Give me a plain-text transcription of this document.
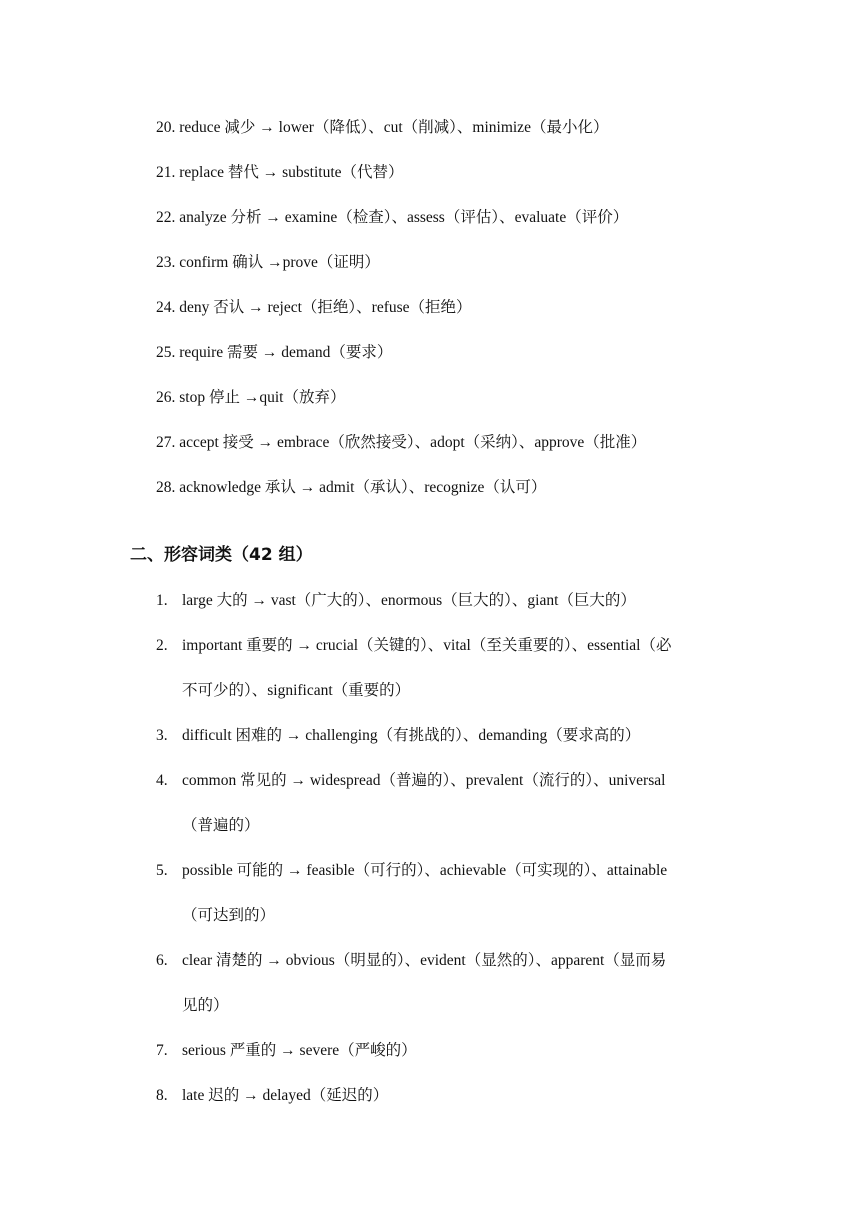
20. reduce 减少 → lower（降低）、cut（削减）、minimize（最小化）
21. replace 替代 → substitute（代替）
22. analyze 分析 → examine（检查）、assess（评估）、evaluate（评价）
23. confirm 确认 →prove（证明）
24. deny 否认 → reject（拒绝）、refuse（拒绝）
25. require 需要 → demand（要求）
26. stop 停止 →quit（放弃）
27. accept 接受 → embrace（欣然接受）、adopt（采纳）、approve（批准）
28. acknowledge 承认 → admit（承认）、recognize（认可）
二、形容词类（42 组）
1. large 大的 → vast（广大的）、enormous（巨大的）、giant（巨大的）
2. important 重要的 → crucial（关键的）、vital（至关重要的）、essential（必
不可少的）、significant（重要的）
3. difficult 困难的 → challenging（有挑战的）、demanding（要求高的）
4. common 常见的 → widespread（普遍的）、prevalent（流行的）、universal
（普遍的）
5. possible 可能的 → feasible（可行的）、achievable（可实现的）、attainable
（可达到的）
6. clear 清楚的 → obvious（明显的）、evident（显然的）、apparent（显而易
见的）
7. serious 严重的 → severe（严峻的）
8. late 迟的 → delayed（延迟的）
